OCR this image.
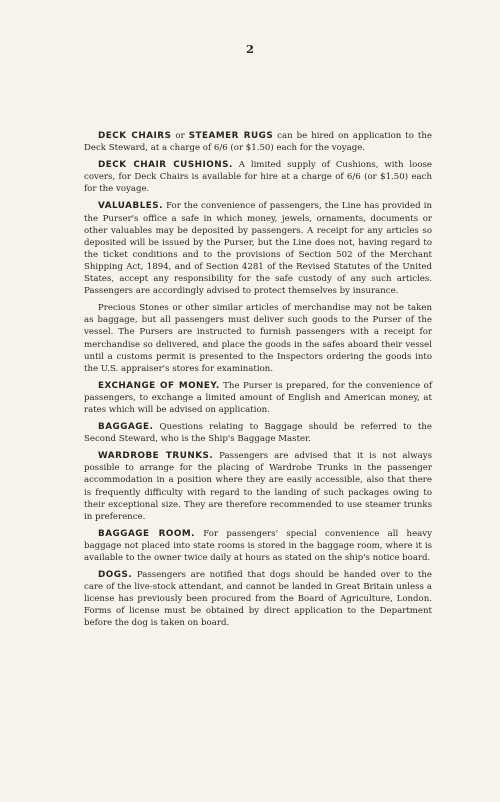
2

DECK CHAIRS or STEAMER RUGS can be hired on application to the Deck Steward, at a charge of 6/6 (or $1.50) each for the voyage.

DECK CHAIR CUSHIONS. A limited supply of Cushions, with loose covers, for Deck Chairs is available for hire at a charge of 6/6 (or $1.50) each for the voyage.

VALUABLES. For the convenience of passengers, the Line has provided in the Purser's office a safe in which money, jewels, ornaments, documents or other valuables may be deposited by passengers. A receipt for any articles so deposited will be issued by the Purser, but the Line does not, having regard to the ticket conditions and to the provisions of Section 502 of the Merchant Shipping Act, 1894, and of Section 4281 of the Revised Statutes of the United States, accept any responsibility for the safe custody of any such articles. Passengers are accordingly advised to protect themselves by insurance.

Precious Stones or other similar articles of merchandise may not be taken as baggage, but all passengers must deliver such goods to the Purser of the vessel. The Pursers are instructed to furnish passengers with a receipt for merchandise so delivered, and place the goods in the safes aboard their vessel until a customs permit is presented to the Inspectors ordering the goods into the U.S. appraiser's stores for examination.

EXCHANGE OF MONEY. The Purser is prepared, for the convenience of passengers, to exchange a limited amount of English and American money, at rates which will be advised on application.

BAGGAGE. Questions relating to Baggage should be referred to the Second Steward, who is the Ship's Baggage Master.

WARDROBE TRUNKS. Passengers are advised that it is not always possible to arrange for the placing of Wardrobe Trunks in the passenger accommodation in a position where they are easily accessible, also that there is frequently difficulty with regard to the landing of such packages owing to their exceptional size. They are therefore recommended to use steamer trunks in preference.

BAGGAGE ROOM. For passengers' special convenience all heavy baggage not placed into state rooms is stored in the baggage room, where it is available to the owner twice daily at hours as stated on the ship's notice board.

DOGS. Passengers are notified that dogs should be handed over to the care of the live-stock attendant, and cannot be landed in Great Britain unless a license has previously been procured from the Board of Agriculture, London. Forms of license must be obtained by direct application to the Department before the dog is taken on board.
